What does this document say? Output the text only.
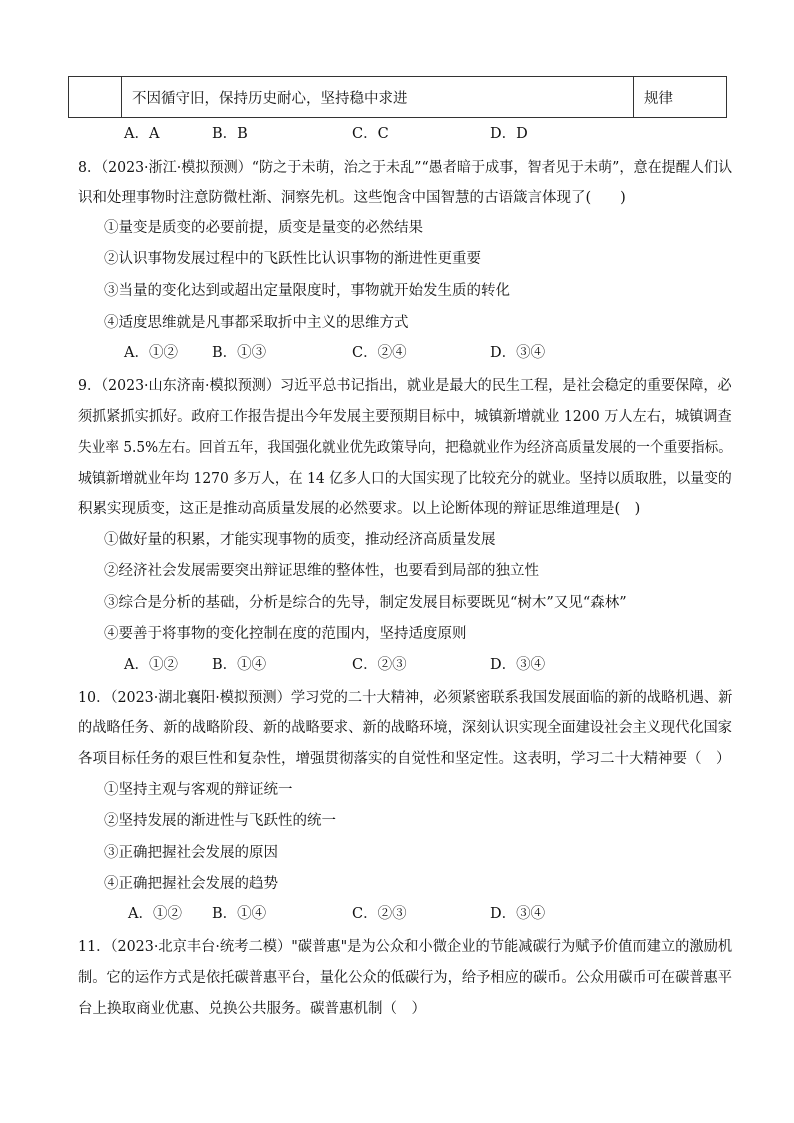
	不因循守旧，保持历史耐心，坚持稳中求进	规律
A．A	B．B	C．C	D．D
8．（2023·浙江·模拟预测）“防之于未萌，治之于未乱”“愚者暗于成事，智者见于未萌”，意在提醒人们认
识和处理事物时注意防微杜渐、洞察先机。这些饱含中国智慧的古语箴言体现了(　　)
①量变是质变的必要前提，质变是量变的必然结果
②认识事物发展过程中的飞跃性比认识事物的渐进性更重要
③当量的变化达到或超出定量限度时，事物就开始发生质的转化
④适度思维就是凡事都采取折中主义的思维方式
A．①② B．①③	C．②④	D．③④
9．（2023·山东济南·模拟预测）习近平总书记指出，就业是最大的民生工程，是社会稳定的重要保障，必
须抓紧抓实抓好。政府工作报告提出今年发展主要预期目标中，城镇新增就业 1200 万人左右，城镇调查
失业率 5.5%左右。回首五年，我国强化就业优先政策导向，把稳就业作为经济高质量发展的一个重要指标。
城镇新增就业年均 1270 多万人，在 14 亿多人口的大国实现了比较充分的就业。坚持以质取胜，以量变的
积累实现质变，这正是推动高质量发展的必然要求。以上论断体现的辩证思维道理是(　)
①做好量的积累，才能实现事物的质变，推动经济高质量发展
②经济社会发展需要突出辩证思维的整体性，也要看到局部的独立性
③综合是分析的基础，分析是综合的先导，制定发展目标要既见“树木”又见“森林”
④要善于将事物的变化控制在度的范围内，坚持适度原则
A．①② B．①④	C．②③	D．③④
10．（2023·湖北襄阳·模拟预测）学习党的二十大精神，必须紧密联系我国发展面临的新的战略机遇、新
的战略任务、新的战略阶段、新的战略要求、新的战略环境，深刻认识实现全面建设社会主义现代化国家
各项目标任务的艰巨性和复杂性，增强贯彻落实的自觉性和坚定性。这表明，学习二十大精神要（　）
①坚持主观与客观的辩证统一
②坚持发展的渐进性与飞跃性的统一
③正确把握社会发展的原因
④正确把握社会发展的趋势
A．①② B．①④	C．②③	D．③④
11．（2023·北京丰台·统考二模）"碳普惠"是为公众和小微企业的节能减碳行为赋予价值而建立的激励机
制。它的运作方式是依托碳普惠平台，量化公众的低碳行为，给予相应的碳币。公众用碳币可在碳普惠平
台上换取商业优惠、兑换公共服务。碳普惠机制（　）
